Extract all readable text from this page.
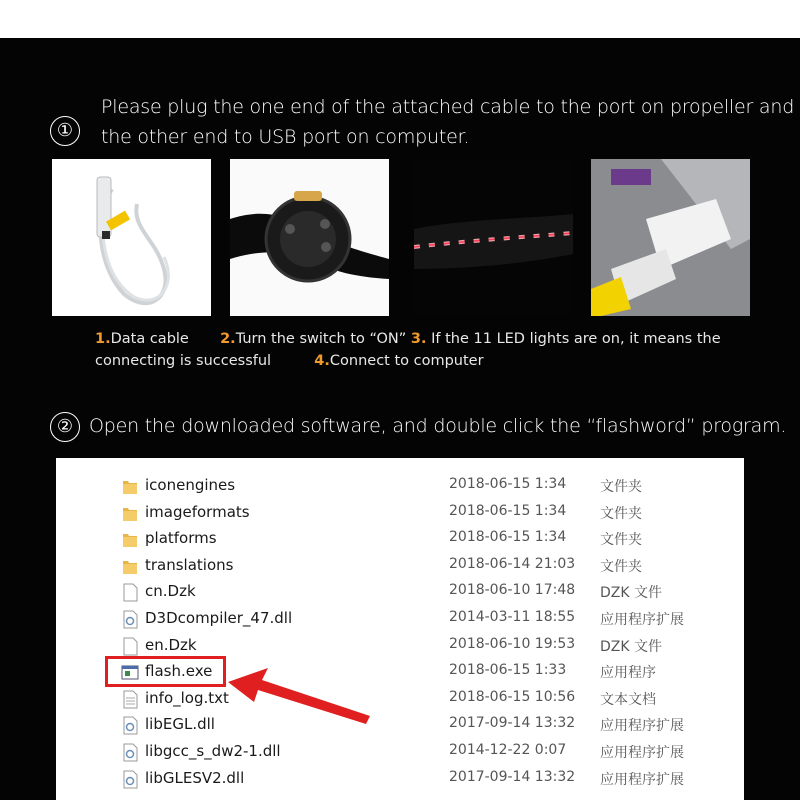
①
Please plug the one end of the attached cable to the port on propeller and
the other end to USB port on computer.
1.Data cable 2.Turn the switch to “ON” 3. If the 11 LED lights are on, it means the
connecting is successful	4.Connect to computer
② Open the downloaded software, and double click the “flashword” program.
iconengines	2018-06-15 1:34 文件夹
imageformats	2018-06-15 1:34 文件夹
platforms	2018-06-15 1:34 文件夹
translations	2018-06-14 21:03 文件夹
cn.Dzk	2018-06-10 17:48 DZK 文件
D3Dcompiler_47.dll	2014-03-11 18:55 应用程序扩展
en.Dzk	2018-06-10 19:53 DZK 文件
flash.exe	2018-06-15 1:33 应用程序
info_log.txt	2018-06-15 10:56 文本文档
libEGL.dll	2017-09-14 13:32 应用程序扩展
libgcc_s_dw2-1.dll	2014-12-22 0:07 应用程序扩展
libGLESV2.dll	2017-09-14 13:32 应用程序扩展
